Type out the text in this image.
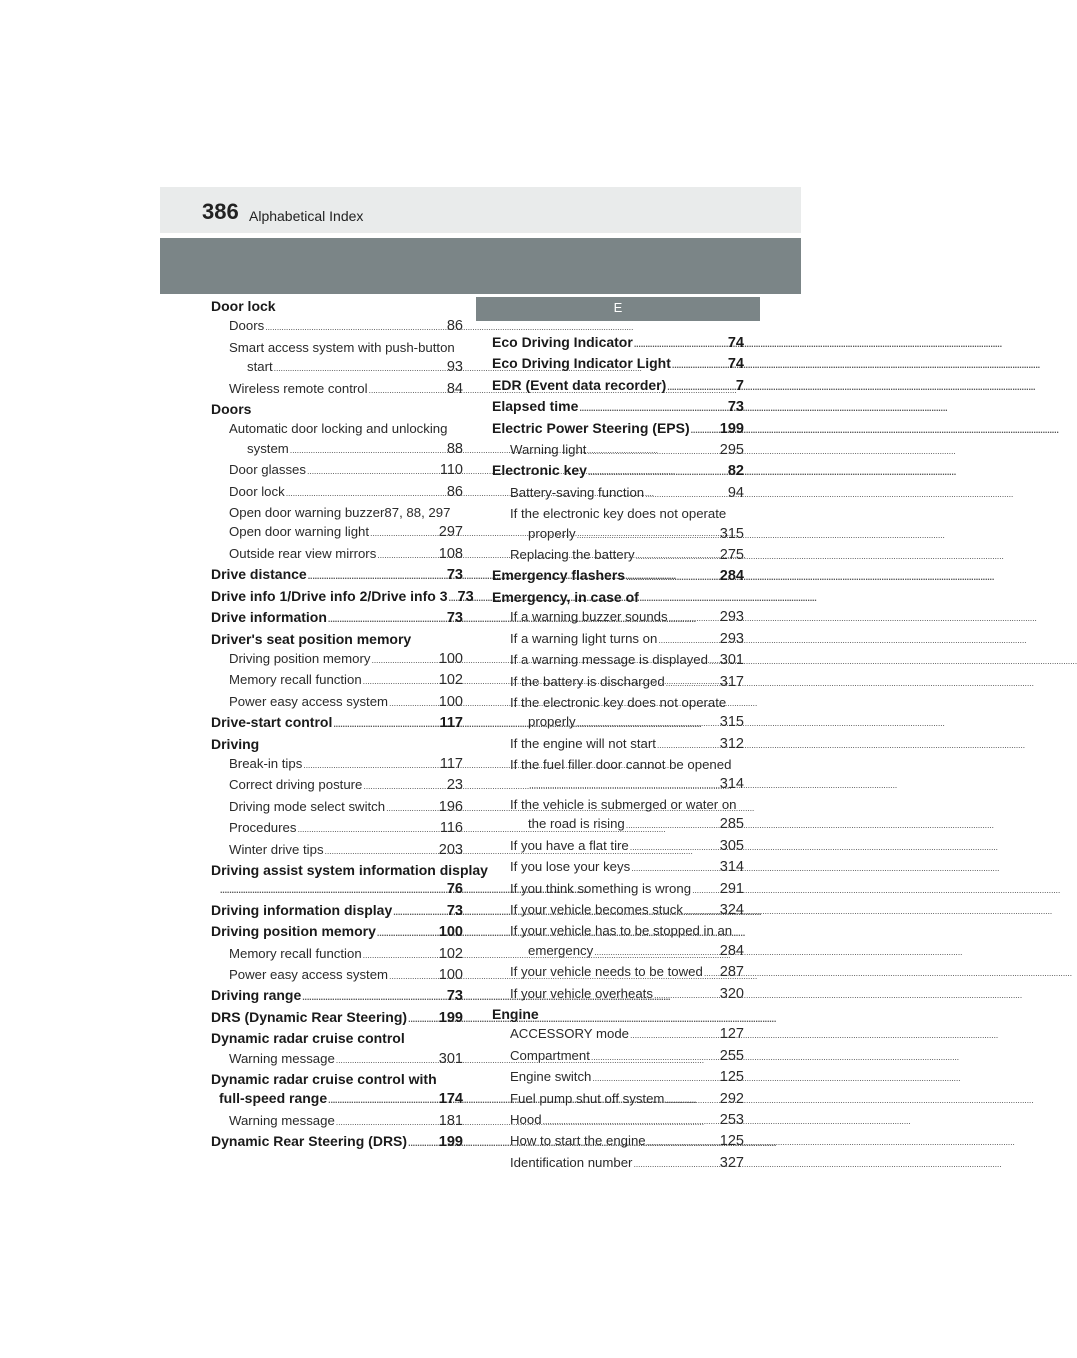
386 Alphabetical Index
Door lock
Doors .....	86
Smart access system with push-button
start .....	93
Wireless remote control .....	84
Doors
Automatic door locking and unlocking
system .....	88
Door glasses .....	110
Door lock .....	86
Open door warning buzzer87, 88, 297
Open door warning light .....	297
Outside rear view mirrors .....	108
Drive distance .....	73
Drive info 1/Drive info 2/Drive info 3 ..... 73
Drive information .....	73
Driver's seat position memory
Driving position memory .....	100
Memory recall function .....	102
Power easy access system .....	100
Drive-start control .....	117
Driving
Break-in tips .....	117
Correct driving posture .....	23
Driving mode select switch .....	196
Procedures .....	116
Winter drive tips .....	203
Driving assist system information display
.....
76
Driving information display .....	73
Driving position memory .....	100
Memory recall function .....	102
Power easy access system .....	100
Driving range .....	73
DRS (Dynamic Rear Steering) ..... 199
Dynamic radar cruise control
Warning message .....	301
Dynamic radar cruise control with
full-speed range .....	174
Warning message .....	181
Dynamic Rear Steering (DRS) ..... 199
E
Eco Driving Indicator .....	74
Eco Driving Indicator Light .....	74
EDR (Event data recorder) .....	7
Elapsed time .....	73
Electric Power Steering (EPS) ..... 199
Warning light .....	295
Electronic key .....	82
Battery-saving function .....	94
If the electronic key does not operate
properly .....	315
Replacing the battery .....	275
Emergency flashers .....	284
Emergency, in case of
If a warning buzzer sounds .....	293
If a warning light turns on .....	293
If a warning message is displayed ..... 301
If the battery is discharged .....	317
If the electronic key does not operate
properly .....	315
If the engine will not start .....	312
If the fuel filler door cannot be opened
.....
314
If the vehicle is submerged or water on
the road is rising .....	285
If you have a flat tire .....	305
If you lose your keys .....	314
If you think something is wrong ..... 291
If your vehicle becomes stuck .....	324
If your vehicle has to be stopped in an
emergency .....	284
If your vehicle needs to be towed ..... 287
If your vehicle overheats .....	320
Engine
ACCESSORY mode .....	127
Compartment .....	255
Engine switch .....	125
Fuel pump shut off system .....	292
Hood .....	253
How to start the engine .....	125
Identification number .....	327
